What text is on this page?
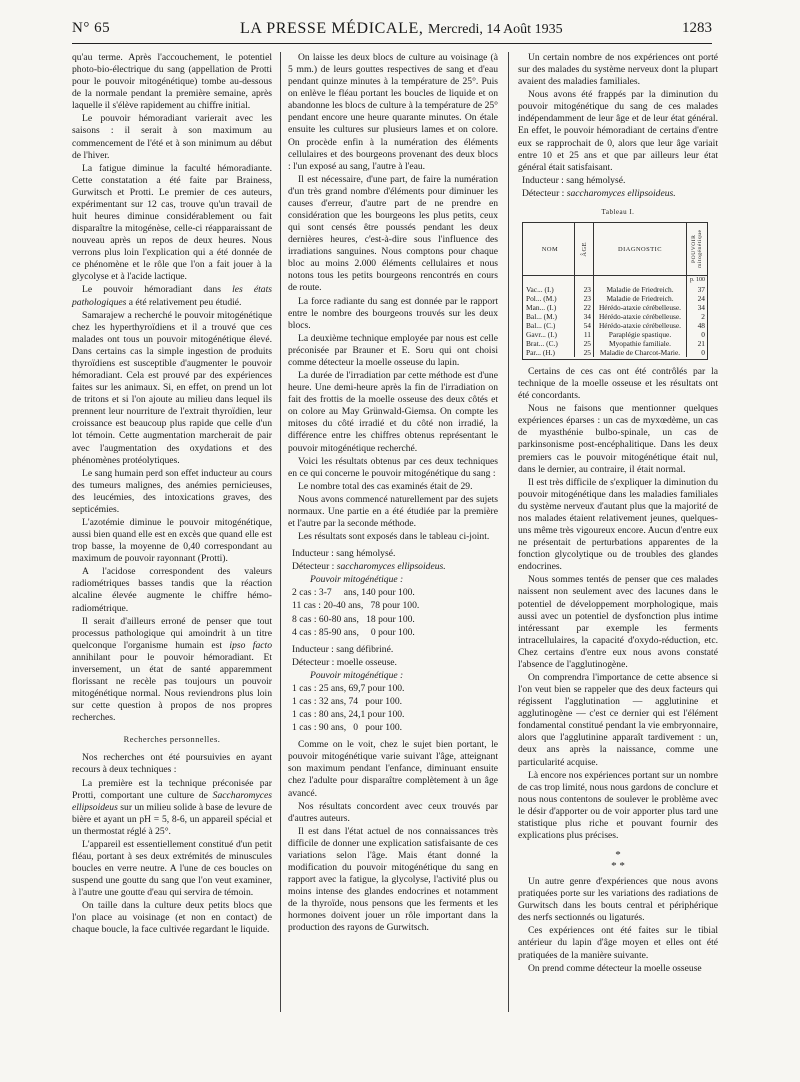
N° 65	LA PRESSE MÉDICALE, Mercredi, 14 Août 1935	1283

qu'au terme. Après l'accouchement, le potentiel photo-bio-électrique du sang (appellation de Protti pour le pouvoir mitogénétique) tombe au-dessous de la normale pendant la première semaine, après laquelle il s'élève rapidement au chiffre initial.

Le pouvoir hémoradiant varierait avec les saisons : il serait à son maximum au commencement de l'été et à son minimum au début de l'hiver.

La fatigue diminue la faculté hémoradiante. Cette constatation a été faite par Brainess, Gurwitsch et Protti. Le premier de ces auteurs, expérimentant sur 12 cas, trouve qu'un travail de huit heures diminue considérablement ou fait disparaître la mitogénèse, celle-ci réapparaissant de nouveau après un repos de deux heures. Nous verrons plus loin l'explication qui a été donnée de ce phénomène et le rôle que l'on a fait jouer à la glycolyse et à l'acide lactique.

Le pouvoir hémoradiant dans les états pathologiques a été relativement peu étudié.

Samarajew a recherché le pouvoir mitogénétique chez les hyperthyroïdiens et il a trouvé que ces malades ont tous un pouvoir mitogénétique élevé. Dans certains cas la simple ingestion de produits thyroïdiens est susceptible d'augmenter le pouvoir hémoradiant. Cela est prouvé par des expériences faites sur les animaux. Si, en effet, on prend un lot de tritons et si l'on ajoute au milieu dans lequel ils prennent leur nourriture de l'extrait thyroïdien, leur croissance est beaucoup plus rapide que celle d'un lot témoin. Cette augmentation marcherait de pair avec l'augmentation des oxydations et des phénomènes protéolytiques.

Le sang humain perd son effet inducteur au cours des tumeurs malignes, des anémies pernicieuses, des leucémies, des intoxications graves, des septicémies.

L'azotémie diminue le pouvoir mitogénétique, aussi bien quand elle est en excès que quand elle est trop basse, la moyenne de 0,40 correspondant au maximum de pouvoir rayonnant (Protti).

A l'acidose correspondent des valeurs radiométriques basses tandis que la réaction alcaline élevée augmente le chiffre hémo-radiométrique.

Il serait d'ailleurs erroné de penser que tout processus pathologique qui amoindrit à un titre quelconque l'organisme humain est ipso facto annihilant pour le pouvoir hémoradiant. Et inversement, un état de santé apparemment florissant ne recèle pas toujours un pouvoir mitogénétique normal. Nous reviendrons plus loin sur cette question à propos de nos propres recherches.

Recherches personnelles.

Nos recherches ont été poursuivies en ayant recours à deux techniques :

La première est la technique préconisée par Protti, comportant une culture de Saccharomyces ellipsoideus sur un milieu solide à base de levure de bière et ayant un pH = 5, 8-6, un appareil spécial et un thermostat réglé à 25°.

L'appareil est essentiellement constitué d'un petit fléau, portant à ses deux extrémités de minuscules boucles en verre neutre. A l'une de ces boucles on suspend une goutte du sang que l'on veut examiner, à l'autre une goutte d'eau qui servira de témoin.

On taille dans la culture deux petits blocs que l'on place au voisinage (et non en contact) de chaque boucle, la face cultivée regardant le liquide.

On laisse les deux blocs de culture au voisinage (à 5 mm.) de leurs gouttes respectives de sang et d'eau pendant quinze minutes à la température de 25°. Puis on enlève le fléau portant les boucles de liquide et on abandonne les blocs de culture à la température de 25° pendant encore une heure quarante minutes. On étale ensuite les cultures sur plusieurs lames et on colore. On procède enfin à la numération des éléments cellulaires et des bourgeons provenant des deux blocs : l'un exposé au sang, l'autre à l'eau.

Il est nécessaire, d'une part, de faire la numération d'un très grand nombre d'éléments pour diminuer les causes d'erreur, d'autre part de ne prendre en considération que les bourgeons les plus petits, ceux qui sont censés être poussés pendant les deux dernières heures, c'est-à-dire sous l'influence des irradiations sanguines. Nous comptons pour chaque bloc au moins 2.000 éléments cellulaires et nous notons tous les petits bourgeons rencontrés en cours de route.

La force radiante du sang est donnée par le rapport entre le nombre des bourgeons trouvés sur les deux blocs.

La deuxième technique employée par nous est celle préconisée par Brauner et E. Soru qui ont choisi comme détecteur la moelle osseuse du lapin.

La durée de l'irradiation par cette méthode est d'une heure. Une demi-heure après la fin de l'irradiation on fait des frottis de la moelle osseuse des deux côtés et on colore au May Grünwald-Giemsa. On compte les mitoses du côté irradié et du côté non irradié, la différence entre les chiffres obtenus représentant le pouvoir mitogénétique recherché.

Voici les résultats obtenus par ces deux techniques en ce qui concerne le pouvoir mitogénétique du sang :

Le nombre total des cas examinés était de 29.

Nous avons commencé naturellement par des sujets normaux. Une partie en a été étudiée par la première et l'autre par la seconde méthode.

Les résultats sont exposés dans le tableau ci-joint.

Inducteur : sang hémolysé.

Détecteur : saccharomyces ellipsoideus.

Pouvoir mitogénétique :

2 cas : 3-7     ans, 140 pour 100.

11 cas : 20-40 ans,   78 pour 100.

8 cas : 60-80 ans,   18 pour 100.

4 cas : 85-90 ans,     0 pour 100.

Inducteur : sang défibriné.

Détecteur : moelle osseuse.

Pouvoir mitogénétique :

1 cas : 25 ans, 69,7 pour 100.

1 cas : 32 ans, 74   pour 100.

1 cas : 80 ans, 24,1 pour 100.

1 cas : 90 ans,   0   pour 100.

Comme on le voit, chez le sujet bien portant, le pouvoir mitogénétique varie suivant l'âge, atteignant son maximum pendant l'enfance, diminuant ensuite chez l'adulte pour disparaître complètement à un âge avancé.

Nos résultats concordent avec ceux trouvés par d'autres auteurs.

Il est dans l'état actuel de nos connaissances très difficile de donner une explication satisfaisante de ces variations selon l'âge. Mais étant donné la modification du pouvoir mitogénétique du sang en rapport avec la fatigue, la glycolyse, l'activité plus ou moins intense des glandes endocrines et notamment de la thyroïde, nous pensons que les ferments et les hormones doivent jouer un rôle important dans la production des rayons de Gurwitsch.

Un certain nombre de nos expériences ont porté sur des malades du système nerveux dont la plupart avaient des maladies familiales.

Nous avons été frappés par la diminution du pouvoir mitogénétique du sang de ces malades indépendamment de leur âge et de leur état général. En effet, le pouvoir hémoradiant de certains d'entre eux se rapprochait de 0, alors que leur âge variait entre 10 et 25 ans et que par ailleurs leur état général était satisfaisant.

Inducteur : sang hémolysé.

Détecteur : saccharomyces ellipsoideus.

Tableau I.

NOM	ÂGE	DIAGNOSTIC	POUVOIR mitogénétique
p. 100
Vac... (I.)	23	Maladie de Friedreich.	37
Pol... (M.)	23	Maladie de Friedreich.	24
Man... (I.)	22	Hérédo-ataxie cérébelleuse.	34
Bal... (M.)	34	Hérédo-ataxie cérébelleuse.	2
Bal... (C.)	54	Hérédo-ataxie cérébelleuse.	48
Gavr... (I.)	11	Paraplégie spastique.	0
Brat... (C.)	25	Myopathie familiale.	21
Par... (H.)	25	Maladie de Charcot-Marie.	0

Certains de ces cas ont été contrôlés par la technique de la moelle osseuse et les résultats ont été concordants.

Nous ne faisons que mentionner quelques expériences éparses : un cas de myxœdème, un cas de myasthénie bulbo-spinale, un cas de parkinsonisme post-encéphalitique. Dans les deux premiers cas le pouvoir mitogénétique était nul, dans le dernier, au contraire, il était normal.

Il est très difficile de s'expliquer la diminution du pouvoir mitogénétique dans les maladies familiales du système nerveux d'autant plus que la majorité de nos malades étaient relativement jeunes, quelques-uns même très vigoureux encore. Aucun d'entre eux ne présentait de perturbations apparentes de la fonction glycolytique ou de troubles des glandes endocrines.

Nous sommes tentés de penser que ces malades naissent non seulement avec des lacunes dans le potentiel de développement morphologique, mais aussi avec un potentiel de dysfonction plus intime intéressant par exemple les ferments intracellulaires, la capacité d'oxydo-réduction, etc. Chez certains d'entre eux nous avons constaté l'absence de l'agglutinogène.

On comprendra l'importance de cette absence si l'on veut bien se rappeler que des deux facteurs qui régissent l'agglutination — agglutinine et agglutinogène — c'est ce dernier qui est l'élément fondamental constitué pendant la vie embryonnaire, alors que l'agglutinine apparaît tardivement : un, deux ans après la naissance, comme une particularité acquise.

Là encore nos expériences portant sur un nombre de cas trop limité, nous nous gardons de conclure et nous nous contentons de soulever le problème avec le désir d'apporter ou de voir apporter plus tard une statistique plus riche et pouvant fournir des explications plus précises.

*
* *

Un autre genre d'expériences que nous avons pratiquées porte sur les variations des radiations de Gurwitsch dans les bouts central et périphérique des nerfs sectionnés ou ligaturés.

Ces expériences ont été faites sur le tibial antérieur du lapin d'âge moyen et elles ont été pratiquées de la manière suivante.

On prend comme détecteur la moelle osseuse
